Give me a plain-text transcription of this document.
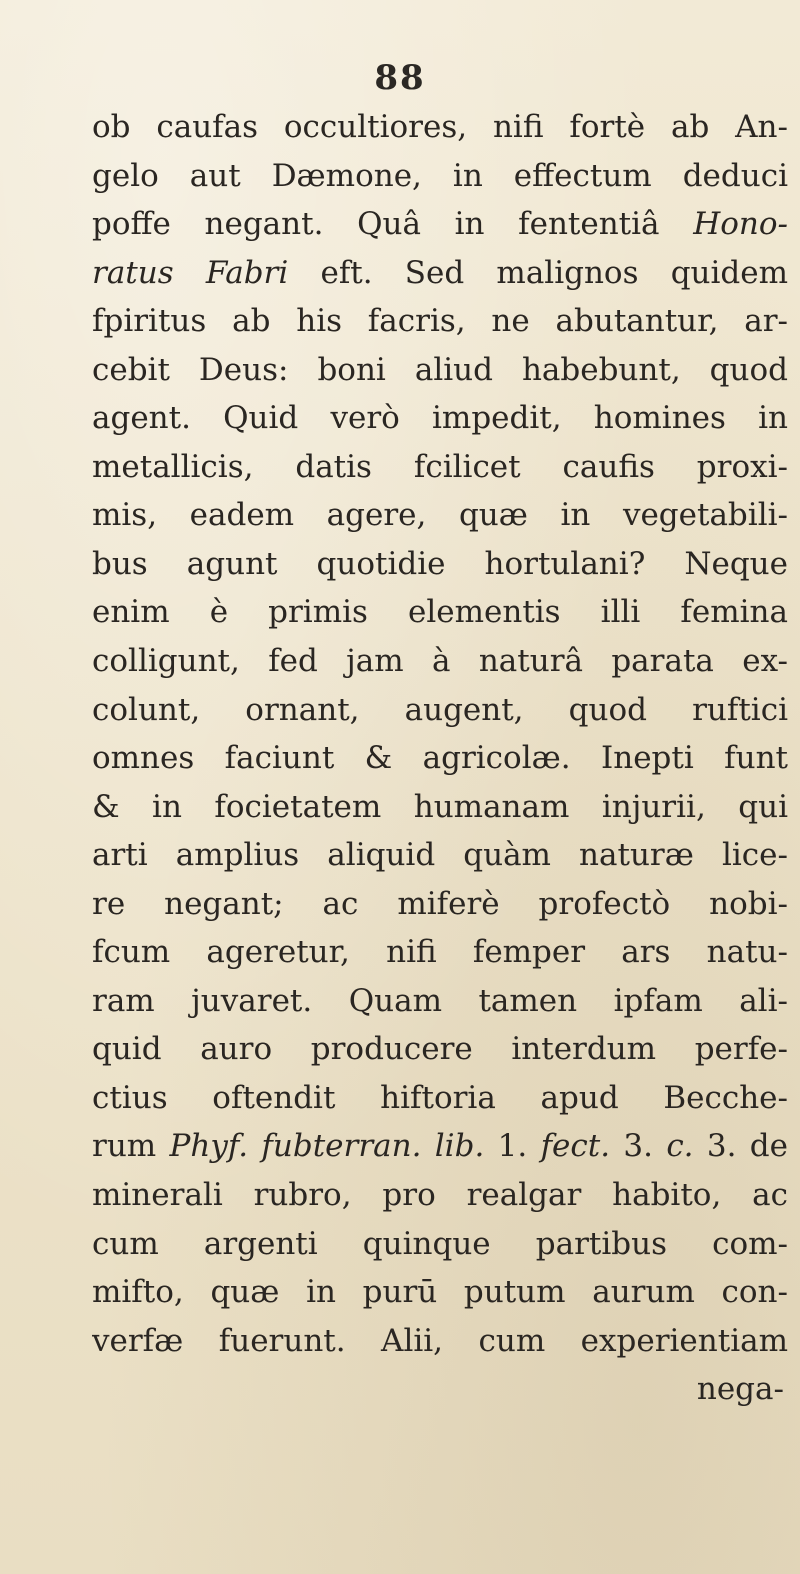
88
ob caufas occultiores, nifi fortè ab An-
gelo aut Dæmone, in effectum deduci
poffe negant. Quâ in fententiâ Hono-
ratus Fabri eft. Sed malignos quidem
fpiritus ab his facris, ne abutantur, ar-
cebit Deus: boni aliud habebunt, quod
agent. Quid verò impedit, homines in
metallicis, datis fcilicet caufis proxi-
mis, eadem agere, quæ in vegetabili-
bus agunt quotidie hortulani? Neque
enim è primis elementis illi femina
colligunt, fed jam à naturâ parata ex-
colunt, ornant, augent, quod ruftici
omnes faciunt & agricolæ. Inepti funt
& in focietatem humanam injurii, qui
arti amplius aliquid quàm naturæ lice-
re negant; ac miferè profectò nobi-
fcum ageretur, nifi femper ars natu-
ram juvaret. Quam tamen ipfam ali-
quid auro producere interdum perfe-
ctius oftendit hiftoria apud Becche-
rum Phyf. fubterran. lib. 1. fect. 3. c. 3. de
minerali rubro, pro realgar habito, ac
cum argenti quinque partibus com-
mifto, quæ in purū putum aurum con-
verfæ fuerunt. Alii, cum experientiam
nega-
